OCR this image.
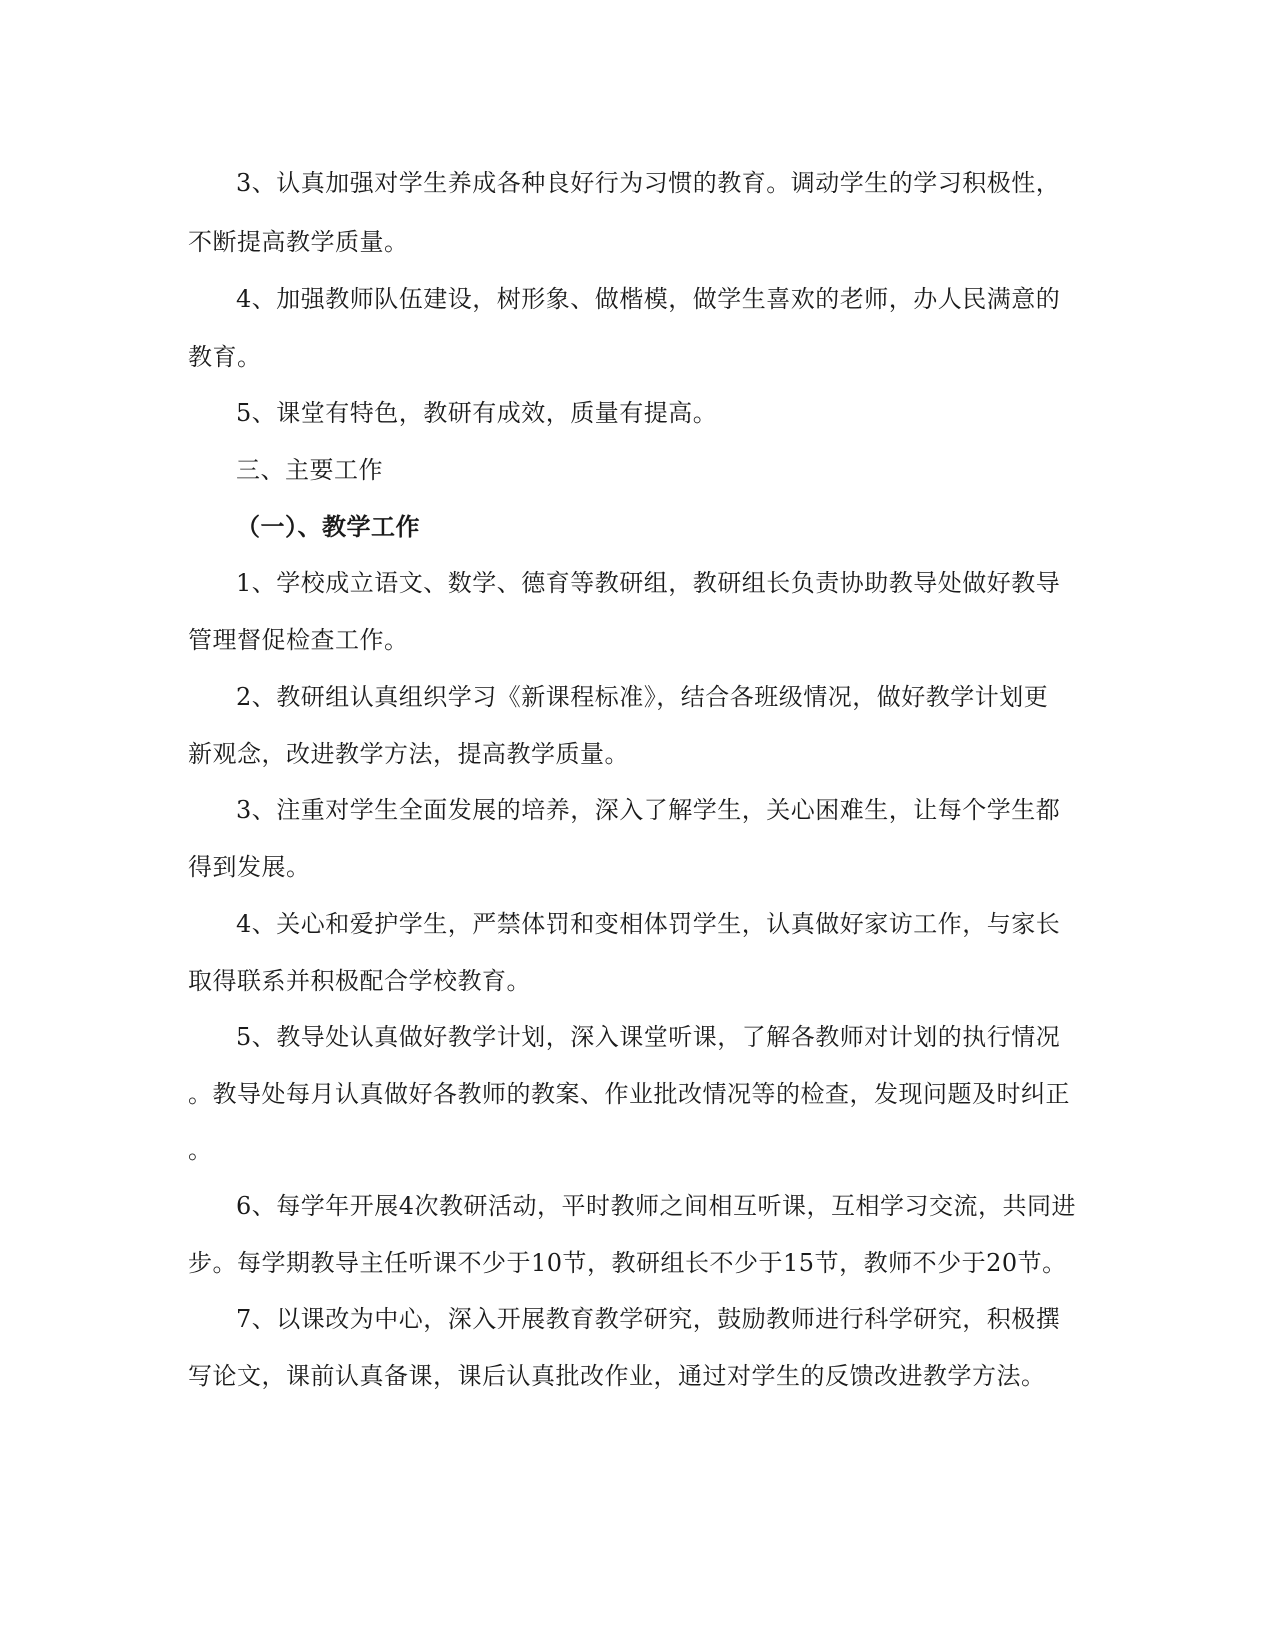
3、认真加强对学生养成各种良好行为习惯的教育。调动学生的学习积极性，
不断提高教学质量。
4、加强教师队伍建设，树形象、做楷模，做学生喜欢的老师，办人民满意的
教育。
5、课堂有特色，教研有成效，质量有提高。
三、主要工作
（一）、教学工作
1、学校成立语文、数学、德育等教研组，教研组长负责协助教导处做好教导
管理督促检查工作。
2、教研组认真组织学习《新课程标准》，结合各班级情况，做好教学计划更
新观念，改进教学方法，提高教学质量。
3、注重对学生全面发展的培养，深入了解学生，关心困难生，让每个学生都
得到发展。
4、关心和爱护学生，严禁体罚和变相体罚学生，认真做好家访工作，与家长
取得联系并积极配合学校教育。
5、教导处认真做好教学计划，深入课堂听课，了解各教师对计划的执行情况
。教导处每月认真做好各教师的教案、作业批改情况等的检查，发现问题及时纠正
。
6、每学年开展4次教研活动，平时教师之间相互听课，互相学习交流，共同进
步。每学期教导主任听课不少于10节，教研组长不少于15节，教师不少于20节。
7、以课改为中心，深入开展教育教学研究，鼓励教师进行科学研究，积极撰
写论文，课前认真备课，课后认真批改作业，通过对学生的反馈改进教学方法。
